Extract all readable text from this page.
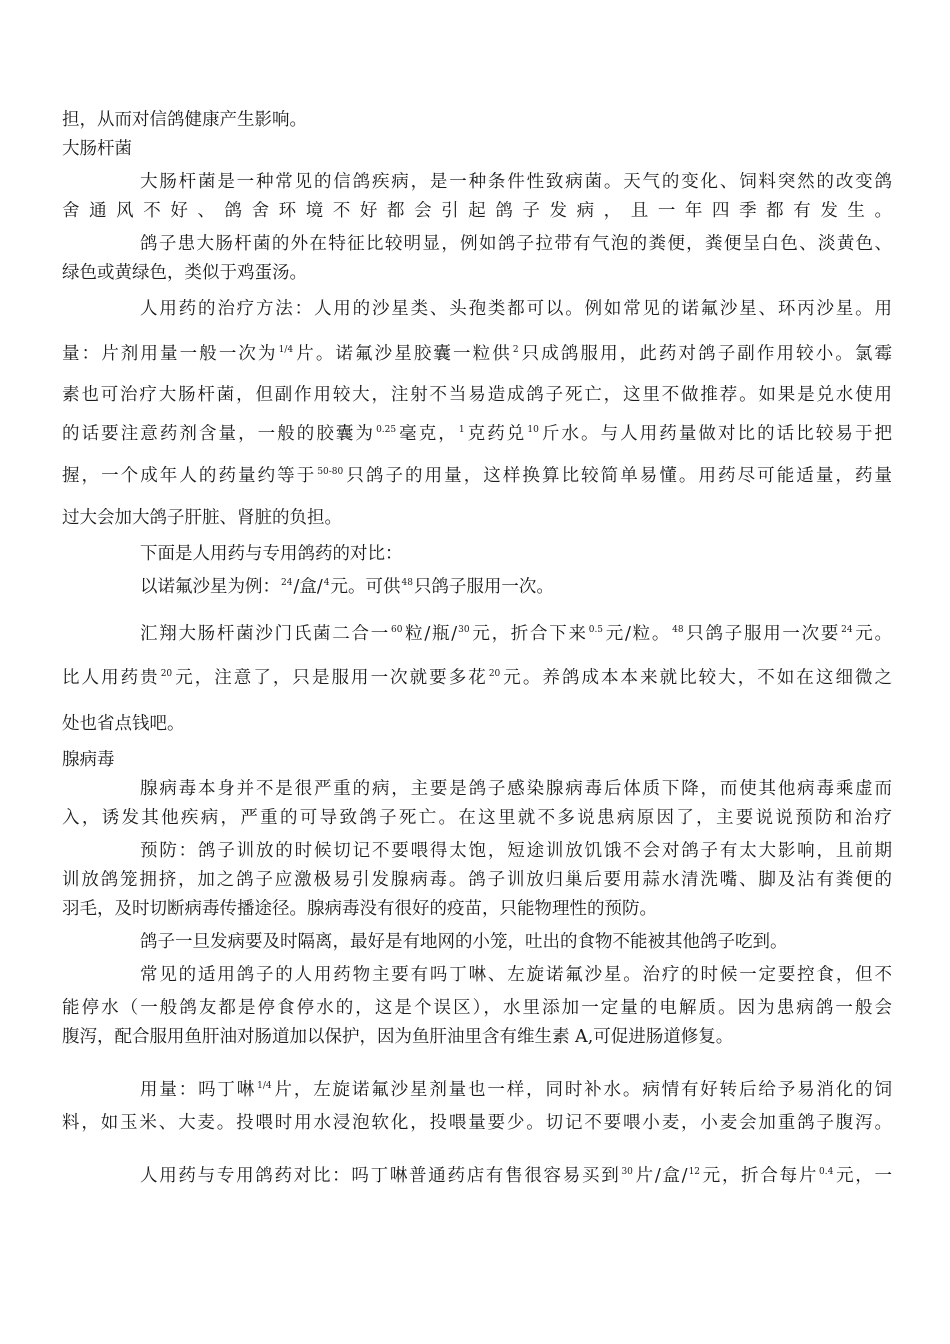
担，从而对信鸽健康产生影响。
大肠杆菌
大肠杆菌是一种常见的信鸽疾病，是一种条件性致病菌。天气的变化、饲料突然的改变鸽
舍通风不好、鸽舍环境不好都会引起鸽子发病，且一年四季都有发生。
鸽子患大肠杆菌的外在特征比较明显，例如鸽子拉带有气泡的粪便，粪便呈白色、淡黄色、
绿色或黄绿色，类似于鸡蛋汤。
人用药的治疗方法：人用的沙星类、头孢类都可以。例如常见的诺氟沙星、环丙沙星。用
量：片剂用量一般一次为$^{1/4}$片。诺氟沙星胶囊一粒供$^2$只成鸽服用，此药对鸽子副作用较小。氯霉
素也可治疗大肠杆菌，但副作用较大，注射不当易造成鸽子死亡，这里不做推荐。如果是兑水使用
的话要注意药剂含量，一般的胶囊为$^{0.25}$毫克，$^1$克药兑$^{10}$斤水。与人用药量做对比的话比较易于把
握，一个成年人的药量约等于$^{50-80}$只鸽子的用量，这样换算比较简单易懂。用药尽可能适量，药量
过大会加大鸽子肝脏、肾脏的负担。
下面是人用药与专用鸽药的对比：
以诺氟沙星为例：$^{24}$/盒/$^4$元。可供$^{48}$只鸽子服用一次。
汇翔大肠杆菌沙门氏菌二合一$^{60}$粒/瓶/$^{30}$元，折合下来$^{0.5}$元/粒。$^{48}$只鸽子服用一次要$^{24}$元。
比人用药贵$^{20}$元，注意了，只是服用一次就要多花$^{20}$元。养鸽成本本来就比较大，不如在这细微之
处也省点钱吧。
腺病毒
腺病毒本身并不是很严重的病，主要是鸽子感染腺病毒后体质下降，而使其他病毒乘虚而
入，诱发其他疾病，严重的可导致鸽子死亡。在这里就不多说患病原因了，主要说说预防和治疗
预防：鸽子训放的时候切记不要喂得太饱，短途训放饥饿不会对鸽子有太大影响，且前期
训放鸽笼拥挤，加之鸽子应激极易引发腺病毒。鸽子训放归巢后要用蒜水清洗嘴、脚及沾有粪便的
羽毛，及时切断病毒传播途径。腺病毒没有很好的疫苗，只能物理性的预防。
鸽子一旦发病要及时隔离，最好是有地网的小笼，吐出的食物不能被其他鸽子吃到。
常见的适用鸽子的人用药物主要有吗丁啉、左旋诺氟沙星。治疗的时候一定要控食，但不
能停水（一般鸽友都是停食停水的，这是个误区），水里添加一定量的电解质。因为患病鸽一般会
腹泻，配合服用鱼肝油对肠道加以保护，因为鱼肝油里含有维生素 A,可促进肠道修复。
用量：吗丁啉$^{1/4}$片，左旋诺氟沙星剂量也一样，同时补水。病情有好转后给予易消化的饲
料，如玉米、大麦。投喂时用水浸泡软化，投喂量要少。切记不要喂小麦，小麦会加重鸽子腹泻。
人用药与专用鸽药对比：吗丁啉普通药店有售很容易买到$^{30}$片/盒/$^{12}$元，折合每片$^{0.4}$元，一
